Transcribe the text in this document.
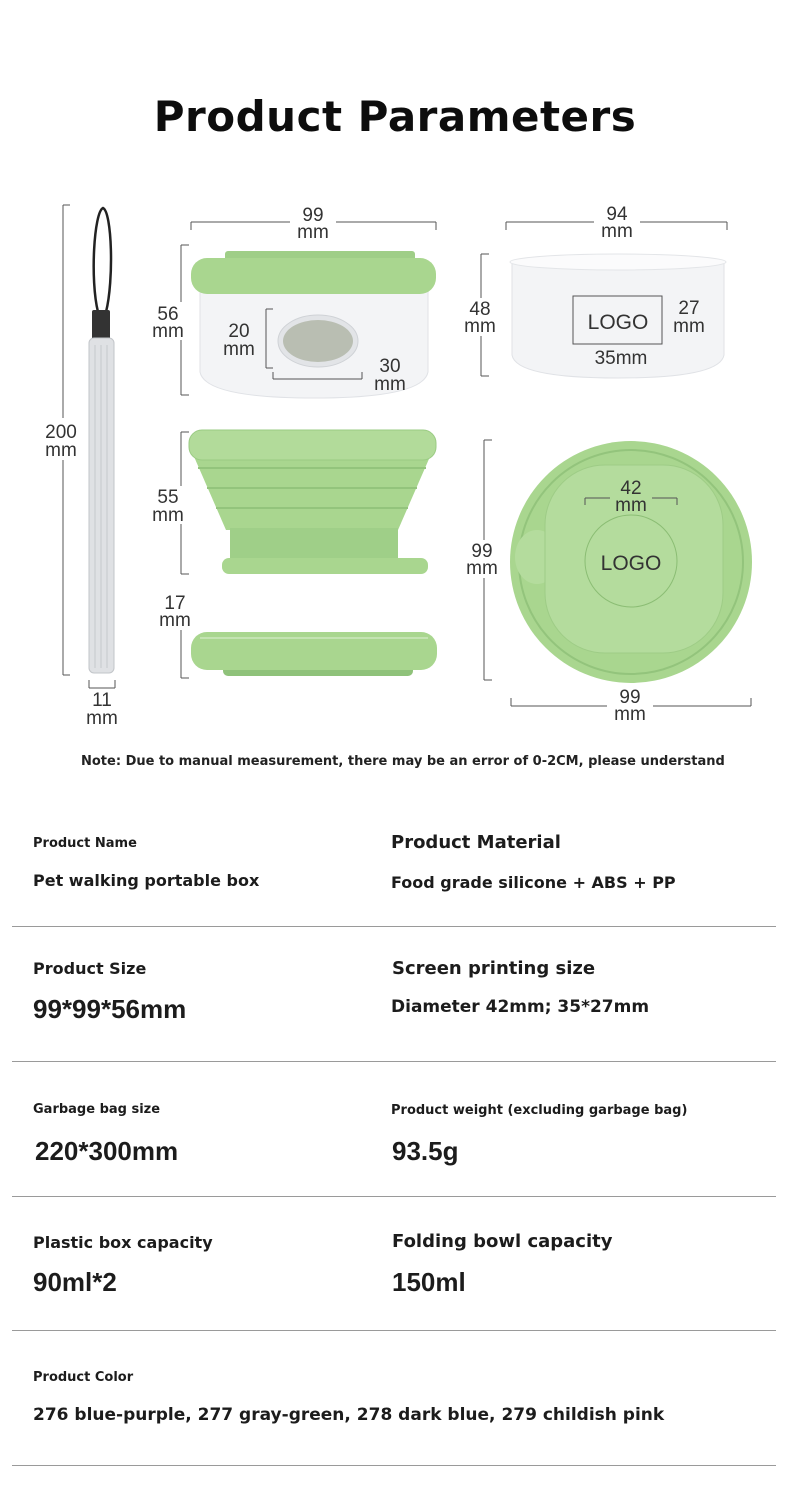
Product Parameters
200
mm
11
mm
99
mm
56
mm 20
mm
30
mm
55
mm
17
mm
94
mm
LOGO
27
mm
35mm
48
mm
42
mm
LOGO
99
mm
99
mm
Note: Due to manual measurement, there may be an error of 0-2CM, please understand
Product Name
Pet walking portable box
Product Material
Food grade silicone + ABS + PP
Product Size
99*99*56mm
Screen printing size
Diameter 42mm; 35*27mm
Garbage bag size
220*300mm
Product weight (excluding garbage bag)
93.5g
Plastic box capacity
90ml*2
Folding bowl capacity
150ml
Product Color
276 blue-purple, 277 gray-green, 278 dark blue, 279 childish pink
